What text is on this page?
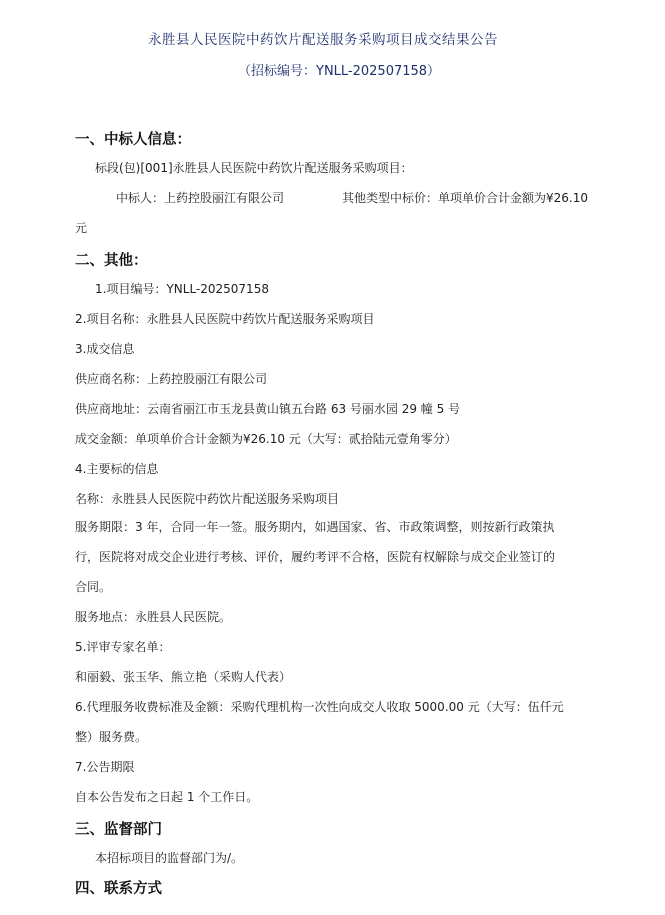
永胜县人民医院中药饮片配送服务采购项目成交结果公告
（招标编号：YNLL-202507158）
一、中标人信息：
标段(包)[001]永胜县人民医院中药饮片配送服务采购项目：
中标人：上药控股丽江有限公司	其他类型中标价：单项单价合计金额为¥26.10
元
二、其他：
1.项目编号：YNLL-202507158
2.项目名称：永胜县人民医院中药饮片配送服务采购项目
3.成交信息
供应商名称：上药控股丽江有限公司
供应商地址：云南省丽江市玉龙县黄山镇五台路 63 号丽水园 29 幢 5 号
成交金额：单项单价合计金额为¥26.10 元（大写：贰拾陆元壹角零分）
4.主要标的信息
名称：永胜县人民医院中药饮片配送服务采购项目
服务期限：3 年，合同一年一签。服务期内，如遇国家、省、市政策调整，则按新行政策执
行，医院将对成交企业进行考核、评价，履约考评不合格，医院有权解除与成交企业签订的
合同。
服务地点：永胜县人民医院。
5.评审专家名单：
和丽毅、张玉华、熊立艳（采购人代表）
6.代理服务收费标准及金额：采购代理机构一次性向成交人收取 5000.00 元（大写：伍仟元
整）服务费。
7.公告期限
自本公告发布之日起 1 个工作日。
三、监督部门
本招标项目的监督部门为/。
四、联系方式
